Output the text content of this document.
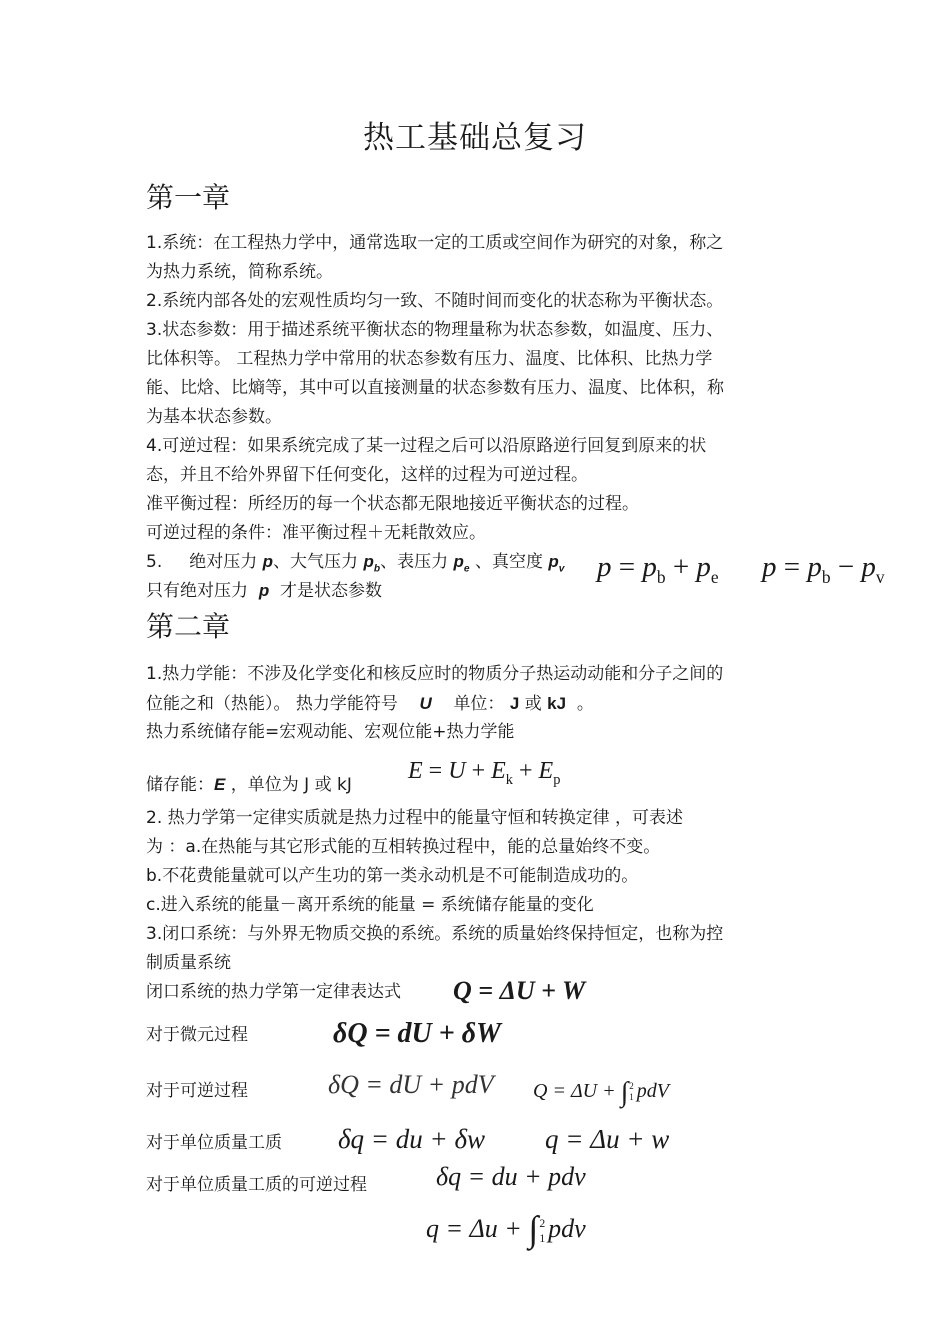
热工基础总复习
第一章
1.系统：在工程热力学中，通常选取一定的工质或空间作为研究的对象，称之
为热力系统，简称系统。
2.系统内部各处的宏观性质均匀一致、不随时间而变化的状态称为平衡状态。
3.状态参数：用于描述系统平衡状态的物理量称为状态参数，如温度、压力、
比体积等。 工程热力学中常用的状态参数有压力、温度、比体积、比热力学
能、比焓、比熵等，其中可以直接测量的状态参数有压力、温度、比体积，称
为基本状态参数。
4.可逆过程：如果系统完成了某一过程之后可以沿原路逆行回复到原来的状
态，并且不给外界留下任何变化，这样的过程为可逆过程。
准平衡过程：所经历的每一个状态都无限地接近平衡状态的过程。
可逆过程的条件：准平衡过程＋无耗散效应。
5. 绝对压力 p、大气压力 $p_b$、表压力 $p_e$ 、真空度 $p_v$
只有绝对压力 p 才是状态参数
$p = p_b + p_e$ $p = p_b - p_v$
第二章
1.热力学能：不涉及化学变化和核反应时的物质分子热运动动能和分子之间的
位能之和（热能）。 热力学能符号 U 单位： J 或 kJ 。
热力系统储存能=宏观动能、宏观位能+热力学能
储存能：E ，单位为 J 或 kJ
$E = U + E_k + E_p$
2. 热力学第一定律实质就是热力过程中的能量守恒和转换定律 ，可表述
为 ：a.在热能与其它形式能的互相转换过程中，能的总量始终不变。
b.不花费能量就可以产生功的第一类永动机是不可能制造成功的。
c.进入系统的能量－离开系统的能量 = 系统储存能量的变化
3.闭口系统：与外界无物质交换的系统。系统的质量始终保持恒定，也称为控
制质量系统
闭口系统的热力学第一定律表达式 Q = ΔU + W
对于微元过程	δQ = dU + δW
对于可逆过程	δQ = dU + pdV Q = ΔU + ∫2
1 pdV
对于单位质量工质 δq = du + δw q = Δu + w
对于单位质量工质的可逆过程	δq = du + pdv
q = Δu + ∫2
1 pdv
